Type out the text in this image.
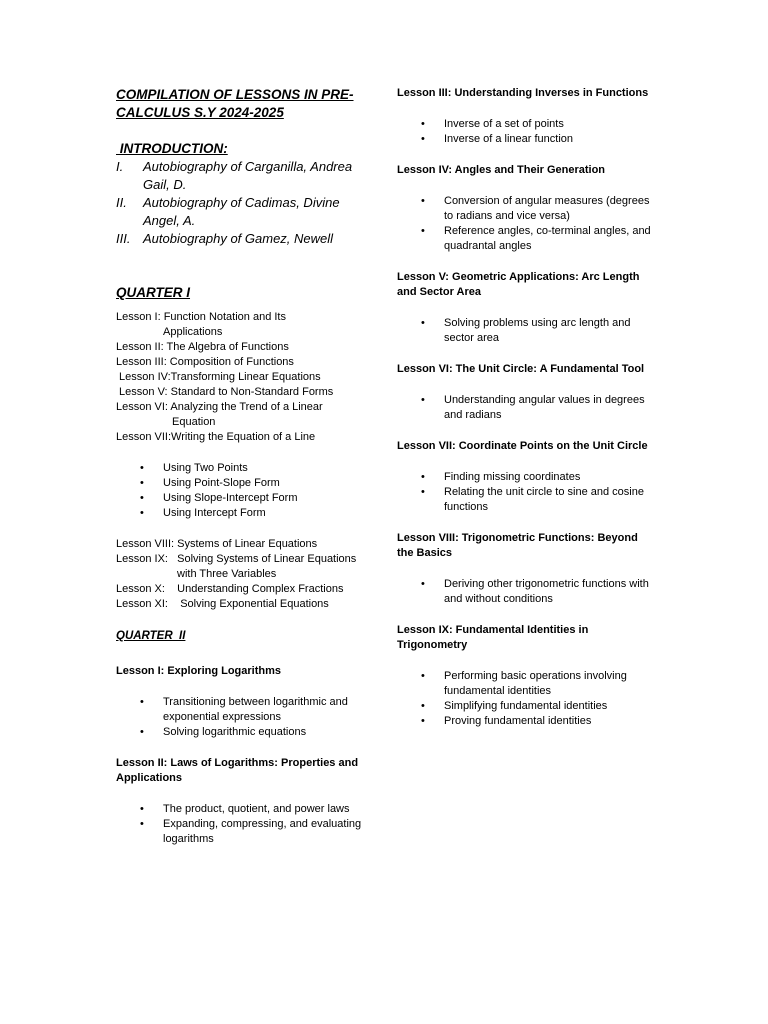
COMPILATION OF LESSONS IN PRE-CALCULUS S.Y 2024-2025

INTRODUCTION:

I.	Autobiography of Carganilla, Andrea Gail, D.
II.	Autobiography of Cadimas, Divine Angel, A.
III. Autobiography of Gamez, Newell

QUARTER I

Lesson I: Function Notation and Its
Applications
Lesson II: The Algebra of Functions
Lesson III: Composition of Functions
Lesson IV:Transforming Linear Equations
Lesson V: Standard to Non-Standard Forms
Lesson VI: Analyzing the Trend of a Linear
Equation
Lesson VII:Writing the Equation of a Line
• Using Two Points
• Using Point-Slope Form
• Using Slope-Intercept Form
• Using Intercept Form
Lesson VIII: Systems of Linear Equations
Lesson IX:   Solving Systems of Linear Equations
with Three Variables
Lesson X:    Understanding Complex Fractions
Lesson XI:    Solving Exponential Equations

QUARTER  II

Lesson I: Exploring Logarithms
• Transitioning between logarithmic and exponential expressions
• Solving logarithmic equations
Lesson II: Laws of Logarithms: Properties and Applications
• The product, quotient, and power laws
• Expanding, compressing, and evaluating logarithms
Lesson III: Understanding Inverses in Functions
• Inverse of a set of points
• Inverse of a linear function
Lesson IV: Angles and Their Generation
• Conversion of angular measures (degrees to radians and vice versa)
• Reference angles, co-terminal angles, and quadrantal angles
Lesson V: Geometric Applications: Arc Length and Sector Area
• Solving problems using arc length and sector area
Lesson VI: The Unit Circle: A Fundamental Tool
• Understanding angular values in degrees and radians
Lesson VII: Coordinate Points on the Unit Circle
• Finding missing coordinates
• Relating the unit circle to sine and cosine functions
Lesson VIII: Trigonometric Functions: Beyond the Basics
• Deriving other trigonometric functions with and without conditions
Lesson IX: Fundamental Identities in Trigonometry
• Performing basic operations involving fundamental identities
• Simplifying fundamental identities
• Proving fundamental identities
